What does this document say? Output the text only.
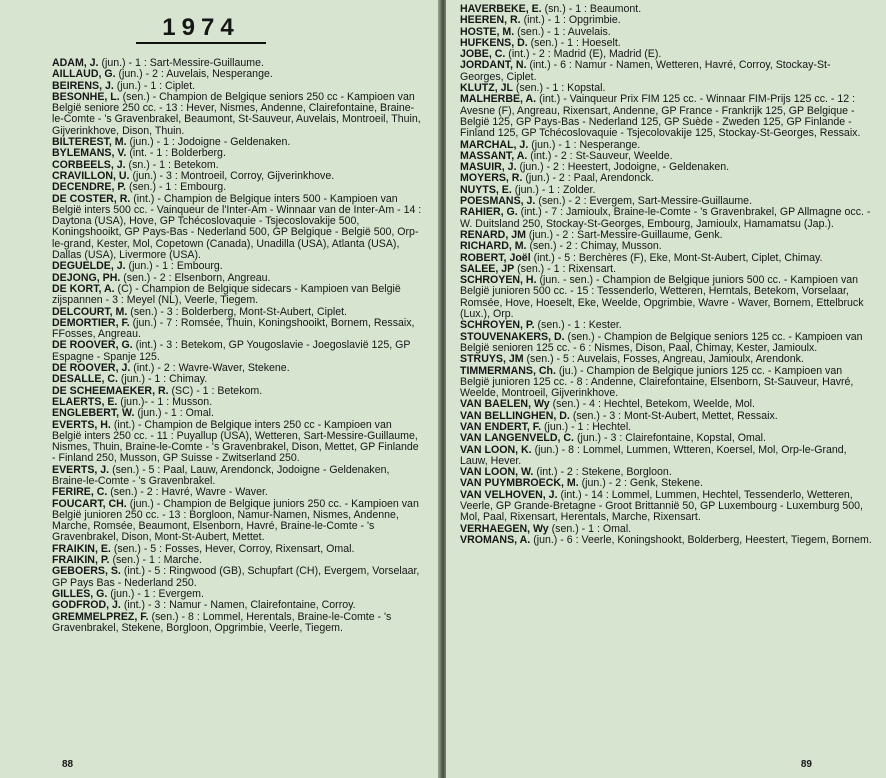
1974

ADAM, J. (jun.) - 1 : Sart-Messire-Guillaume.

AILLAUD, G. (jun.) - 2 : Auvelais, Nesperange.

BEIRENS, J. (jun.) - 1 : Ciplet.

BESONHE, L. (sen.) - Champion de Belgique seniors 250 cc - Kampioen van België seniore 250 cc. - 13 : Hever, Nismes, Andenne, Clairefontaine, Braine-le-Comte - 's Gravenbrakel, Beaumont, St-Sauveur, Auvelais, Montroeil, Thuin, Gijverinkhove, Dison, Thuin.

BILTEREST, M. (jun.) - 1 : Jodoigne - Geldenaken.

BYLEMANS, V. (int. - 1 : Bolderberg.

CORBEELS, J. (sn.) - 1 : Betekom.

CRAVILLON, U. (jun.) - 3 : Montroeil, Corroy, Gijverinkhove.

DECENDRE, P. (sen.) - 1 : Embourg.

DE COSTER, R. (int.) - Champion de Belgique inters 500 - Kampioen van België inters 500 cc. - Vainqueur de l'Inter-Am - Winnaar van de Inter-Am - 14 : Daytona (USA), Hove, GP Tchécoslovaquie - Tsjecoslovakije 500, Koningshooikt, GP Pays-Bas - Nederland 500, GP Belgique - België 500, Orp-le-grand, Kester, Mol, Copetown (Canada), Unadilla (USA), Atlanta (USA), Dallas (USA), Livermore (USA).

DEGUELDE, J. (jun.) - 1 : Embourg.

DEJONG, PH. (sen.) - 2 : Elsenborn, Angreau.

DE KORT, A. (C) - Champion de Belgique sidecars - Kampioen van België zijspannen - 3 : Meyel (NL), Veerle, Tiegem.

DELCOURT, M. (sen.) - 3 : Bolderberg, Mont-St-Aubert, Ciplet.

DEMORTIER, F. (jun.) - 7 : Romsée, Thuin, Koningshooikt, Bornem, Ressaix, FFosses, Angreau.

DE ROOVER, G. (int.) - 3 : Betekom, GP Yougoslavie - Joegoslavië 125, GP Espagne - Spanje 125.

DE ROOVER, J. (int.) - 2 : Wavre-Waver, Stekene.

DESALLE, C. (jun.) - 1 : Chimay.

DE SCHEEMAEKER, R. (SC) - 1 : Betekom.

ELAERTS, E. (jun.)- - 1 : Musson.

ENGLEBERT, W. (jun.) - 1 : Omal.

EVERTS, H. (int.) - Champion de Belgique inters 250 cc - Kampioen van België inters 250 cc. - 11 : Puyallup (USA), Wetteren, Sart-Messire-Guillaume, Nismes, Thuin, Braine-le-Comte - 's Gravenbrakel, Dison, Mettet, GP Finlande - Finland 250, Musson, GP Suisse - Zwitserland 250.

EVERTS, J. (sen.) - 5 : Paal, Lauw, Arendonck, Jodoigne - Geldenaken, Braine-le-Comte - 's Gravenbrakel.

FERIRE, C. (sen.) - 2 : Havré, Wavre - Waver.

FOUCART, CH. (jun.) - Champion de Belgique juniors 250 cc. - Kampioen van België junioren 250 cc. - 13 : Borgloon, Namur-Namen, Nismes, Andenne, Marche, Romsée, Beaumont, Elsenborn, Havré, Braine-le-Comte - 's Gravenbrakel, Dison, Mont-St-Aubert, Mettet.

FRAIKIN, E. (sen.) - 5 : Fosses, Hever, Corroy, Rixensart, Omal.

FRAIKIN, P. (sen.) - 1 : Marche.

GEBOERS, S. (int.) - 5 : Ringwood (GB), Schupfart (CH), Evergem, Vorselaar, GP Pays Bas - Nederland 250.

GILLES, G. (jun.) - 1 : Evergem.

GODFROD, J. (int.) - 3 : Namur - Namen, Clairefontaine, Corroy.

GREMMELPREZ, F. (sen.) - 8 : Lommel, Herentals, Braine-le-Comte - 's Gravenbrakel, Stekene, Borgloon, Opgrimbie, Veerle, Tiegem.

88

HAVERBEKE, E. (sn.) - 1 : Beaumont.

HEEREN, R. (int.) - 1 : Opgrimbie.

HOSTE, M. (sen.) - 1 : Auvelais.

HUFKENS, D. (sen.) - 1 : Hoeselt.

JOBE, C. (int.) - 2 : Madrid (E), Madrid (E).

JORDANT, N. (int.) - 6 : Namur - Namen, Wetteren, Havré, Corroy, Stockay-St-Georges, Ciplet.

KLUTZ, JL (sen.) - 1 : Kopstal.

MALHERBE, A. (int.) - Vainqueur Prix FIM 125 cc. - Winnaar FIM-Prijs 125 cc. - 12 : Avesne (F), Angreau, Rixensart, Andenne, GP France - Frankrijk 125, GP Belgique - België 125, GP Pays-Bas - Nederland 125, GP Suède - Zweden 125, GP Finlande - Finland 125, GP Tchécoslovaquie - Tsjecolovakije 125, Stockay-St-Georges, Ressaix.

MARCHAL, J. (jun.) - 1 : Nesperange.

MASSANT, A. (int.) - 2 : St-Sauveur, Weelde.

MASUIR, J. (jun.) - 2 : Heestert, Jodoigne, - Geldenaken.

MOYERS, R. (jun.) - 2 : Paal, Arendonck.

NUYTS, E. (jun.) - 1 : Zolder.

POESMANS, J. (sen.) - 2 : Evergem, Sart-Messire-Guillaume.

RAHIER, G. (int.) - 7 : Jamioulx, Braine-le-Comte - 's Gravenbrakel, GP Allmagne occ. - W. Duitsland 250, Stockay-St-Georges, Embourg, Jamioulx, Hamamatsu (Jap.).

RENARD, JM (jun.) - 2 : Sart-Messire-Guillaume, Genk.

RICHARD, M. (sen.) - 2 : Chimay, Musson.

ROBERT, Joël (int.) - 5 : Berchères (F), Eke, Mont-St-Aubert, Ciplet, Chimay.

SALEE, JP (sen.) - 1 : Rixensart.

SCHROYEN, H. (jun. - sen.) - Champion de Belgique juniors 500 cc. - Kampioen van België junioren 500 cc. - 15 : Tessenderlo, Wetteren, Herntals, Betekom, Vorselaar, Romsée, Hove, Hoeselt, Eke, Weelde, Opgrimbie, Wavre - Waver, Bornem, Ettelbruck (Lux.), Orp.

SCHROYEN, P. (sen.) - 1 : Kester.

STOUVENAKERS, D. (sen.) - Champion de Belgique seniors 125 cc. - Kampioen van België senioren 125 cc. - 6 : Nismes, Dison, Paal, Chimay, Kester, Jamioulx.

STRUYS, JM (sen.) - 5 : Auvelais, Fosses, Angreau, Jamioulx, Arendonk.

TIMMERMANS, Ch. (ju.) - Champion de Belgique juniors 125 cc. - Kampioen van België junioren 125 cc. - 8 : Andenne, Clairefontaine, Elsenborn, St-Sauveur, Havré, Weelde, Montroeil, Gijverinkhove.

VAN BAELEN, Wy (sen.) - 4 : Hechtel, Betekom, Weelde, Mol.

VAN BELLINGHEN, D. (sen.) - 3 : Mont-St-Aubert, Mettet, Ressaix.

VAN ENDERT, F. (jun.) - 1 : Hechtel.

VAN LANGENVELD, C. (jun.) - 3 : Clairefontaine, Kopstal, Omal.

VAN LOON, K. (jun.) - 8 : Lommel, Lummen, Wtteren, Koersel, Mol, Orp-le-Grand, Lauw, Hever.

VAN LOON, W. (int.) - 2 : Stekene, Borgloon.

VAN PUYMBROECK, M. (jun.) - 2 : Genk, Stekene.

VAN VELHOVEN, J. (int.) - 14 : Lommel, Lummen, Hechtel, Tessenderlo, Wetteren, Veerle, GP Grande-Bretagne - Groot Brittannië 50, GP Luxembourg - Luxemburg 500, Mol, Paal, Rixensart, Herentals, Marche, Rixensart.

VERHAEGEN, Wy (sen.) - 1 : Omal.

VROMANS, A. (jun.) - 6 : Veerle, Koningshookt, Bolderberg, Heestert, Tiegem, Bornem.

89
